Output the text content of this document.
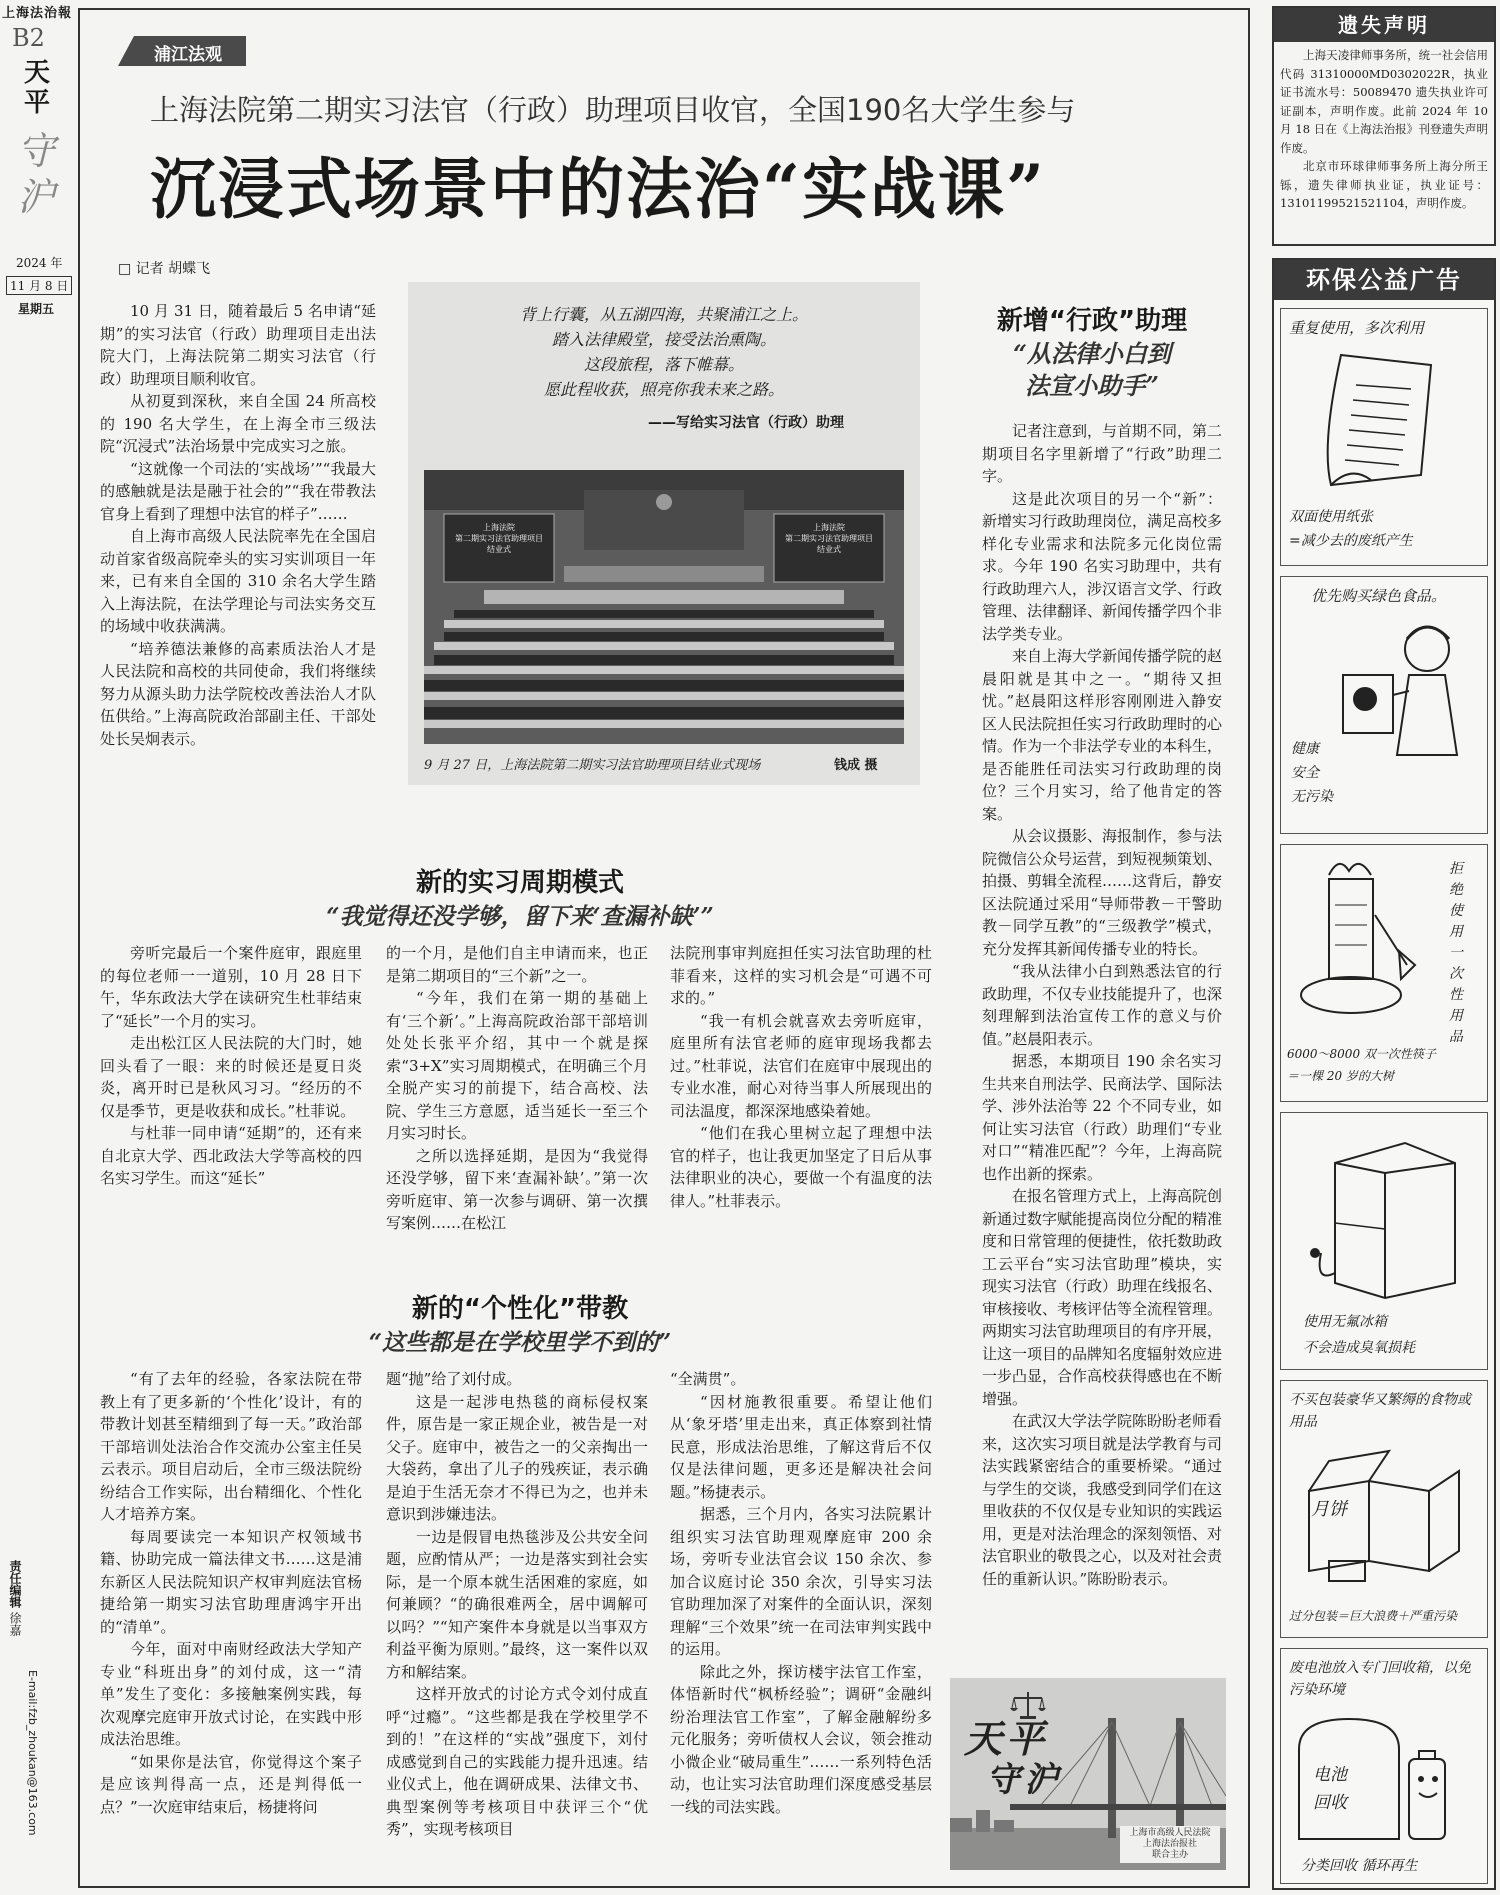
上海法治報
B2
天平
守沪
2024 年
11 月 8 日
星期五
责任编辑 徐嘉
E-mail:fzb_zhoukan@163.com
浦江法观
上海法院第二期实习法官（行政）助理项目收官，全国190名大学生参与
沉浸式场景中的法治“实战课”
□ 记者 胡蝶飞

10 月 31 日，随着最后 5 名申请“延期”的实习法官（行政）助理项目走出法院大门，上海法院第二期实习法官（行政）助理项目顺利收官。

从初夏到深秋，来自全国 24 所高校的 190 名大学生，在上海全市三级法院“沉浸式”法治场景中完成实习之旅。

“这就像一个司法的‘实战场’”“我最大的感触就是法是融于社会的”“我在带教法官身上看到了理想中法官的样子”……

自上海市高级人民法院率先在全国启动首家省级高院牵头的实习实训项目一年来，已有来自全国的 310 余名大学生踏入上海法院，在法学理论与司法实务交互的场域中收获满满。

“培养德法兼修的高素质法治人才是人民法院和高校的共同使命，我们将继续努力从源头助力法学院校改善法治人才队伍供给。”上海高院政治部副主任、干部处处长吴炯表示。

背上行囊，从五湖四海，共聚浦江之上。
踏入法律殿堂，接受法治熏陶。
这段旅程，落下帷幕。
愿此程收获，照亮你我未来之路。
——写给实习法官（行政）助理
上海法院
第二期实习法官助理项目
结业式
上海法院
第二期实习法官助理项目
结业式
9 月 27 日，上海法院第二期实习法官助理项目结业式现场	钱成 摄
新增“行政”助理
“从法律小白到
法宣小助手”

记者注意到，与首期不同，第二期项目名字里新增了“行政”助理二字。

这是此次项目的另一个“新”：新增实习行政助理岗位，满足高校多样化专业需求和法院多元化岗位需求。今年 190 名实习助理中，共有行政助理六人，涉汉语言文学、行政管理、法律翻译、新闻传播学四个非法学类专业。

来自上海大学新闻传播学院的赵晨阳就是其中之一。“期待又担忧。”赵晨阳这样形容刚刚进入静安区人民法院担任实习行政助理时的心情。作为一个非法学专业的本科生，是否能胜任司法实习行政助理的岗位？三个月实习，给了他肯定的答案。

从会议摄影、海报制作，参与法院微信公众号运营，到短视频策划、拍摄、剪辑全流程……这背后，静安区法院通过采用“导师带教－干警助教－同学互教”的“三级教学”模式，充分发挥其新闻传播专业的特长。

“我从法律小白到熟悉法官的行政助理，不仅专业技能提升了，也深刻理解到法治宣传工作的意义与价值。”赵晨阳表示。

据悉，本期项目 190 余名实习生共来自刑法学、民商法学、国际法学、涉外法治等 22 个不同专业，如何让实习法官（行政）助理们“专业对口”“精准匹配”？今年，上海高院也作出新的探索。

在报名管理方式上，上海高院创新通过数字赋能提高岗位分配的精准度和日常管理的便捷性，依托数助政工云平台“实习法官助理”模块，实现实习法官（行政）助理在线报名、审核接收、考核评估等全流程管理。两期实习法官助理项目的有序开展，让这一项目的品牌知名度辐射效应进一步凸显，合作高校获得感也在不断增强。

在武汉大学法学院陈盼盼老师看来，这次实习项目就是法学教育与司法实践紧密结合的重要桥梁。“通过与学生的交谈，我感受到同学们在这里收获的不仅仅是专业知识的实践运用，更是对法治理念的深刻领悟、对法官职业的敬畏之心，以及对社会责任的重新认识。”陈盼盼表示。

新的实习周期模式
“我觉得还没学够，留下来‘查漏补缺’”

旁听完最后一个案件庭审，跟庭里的每位老师一一道别，10 月 28 日下午，华东政法大学在读研究生杜菲结束了“延长”一个月的实习。

走出松江区人民法院的大门时，她回头看了一眼：来的时候还是夏日炎炎，离开时已是秋风习习。“经历的不仅是季节，更是收获和成长。”杜菲说。

与杜菲一同申请“延期”的，还有来自北京大学、西北政法大学等高校的四名实习学生。而这“延长”

的一个月，是他们自主申请而来，也正是第二期项目的“三个新”之一。

“今年，我们在第一期的基础上有‘三个新’。”上海高院政治部干部培训处处长张平介绍，其中一个就是探索“3+X”实习周期模式，在明确三个月全脱产实习的前提下，结合高校、法院、学生三方意愿，适当延长一至三个月实习时长。

之所以选择延期，是因为“我觉得还没学够，留下来‘查漏补缺’。”第一次旁听庭审、第一次参与调研、第一次撰写案例……在松江

法院刑事审判庭担任实习法官助理的杜菲看来，这样的实习机会是“可遇不可求的。”

“我一有机会就喜欢去旁听庭审，庭里所有法官老师的庭审现场我都去过。”杜菲说，法官们在庭审中展现出的专业水准，耐心对待当事人所展现出的司法温度，都深深地感染着她。

“他们在我心里树立起了理想中法官的样子，也让我更加坚定了日后从事法律职业的决心，要做一个有温度的法律人。”杜菲表示。

新的“个性化”带教
“这些都是在学校里学不到的”

“有了去年的经验，各家法院在带教上有了更多新的‘个性化’设计，有的带教计划甚至精细到了每一天。”政治部干部培训处法治合作交流办公室主任吴云表示。项目启动后，全市三级法院纷纷结合工作实际，出台精细化、个性化人才培养方案。

每周要读完一本知识产权领域书籍、协助完成一篇法律文书……这是浦东新区人民法院知识产权审判庭法官杨捷给第一期实习法官助理唐鸿宇开出的“清单”。

今年，面对中南财经政法大学知产专业“科班出身”的刘付成，这一“清单”发生了变化：多接触案例实践，每次观摩完庭审开放式讨论，在实践中形成法治思维。

“如果你是法官，你觉得这个案子是应该判得高一点，还是判得低一点？”一次庭审结束后，杨捷将问

题“抛”给了刘付成。

这是一起涉电热毯的商标侵权案件，原告是一家正规企业，被告是一对父子。庭审中，被告之一的父亲掏出一大袋药，拿出了儿子的残疾证，表示确是迫于生活无奈才不得已为之，也并未意识到涉嫌违法。

一边是假冒电热毯涉及公共安全问题，应酌情从严；一边是落实到社会实际，是一个原本就生活困难的家庭，如何兼顾？“的确很难两全，居中调解可以吗？”“知产案件本身就是以当事双方利益平衡为原则。”最终，这一案件以双方和解结案。

这样开放式的讨论方式令刘付成直呼“过瘾”。“这些都是我在学校里学不到的！”在这样的“实战”强度下，刘付成感觉到自己的实践能力提升迅速。结业仪式上，他在调研成果、法律文书、典型案例等考核项目中获评三个“优秀”，实现考核项目

“全满贯”。

“因材施教很重要。希望让他们从‘象牙塔’里走出来，真正体察到社情民意，形成法治思维，了解这背后不仅仅是法律问题，更多还是解决社会问题。”杨捷表示。

据悉，三个月内，各实习法院累计组织实习法官助理观摩庭审 200 余场，旁听专业法官会议 150 余次、参加合议庭讨论 350 余次，引导实习法官助理加深了对案件的全面认识，深刻理解“三个效果”统一在司法审判实践中的运用。

除此之外，探访楼宇法官工作室，体悟新时代“枫桥经验”；调研“金融纠纷治理法官工作室”，了解金融解纷多元化服务；旁听债权人会议，领会推动小微企业“破局重生”……一系列特色活动，也让实习法官助理们深度感受基层一线的司法实践。

天平
守沪
上海市高级人民法院
上海法治报社
联合主办
遗失声明

上海天凌律师事务所，统一社会信用代码 31310000MD0302022R，执业证书流水号：50089470 遗失执业许可证副本，声明作废。此前 2024 年 10 月 18 日在《上海法治报》刊登遗失声明作废。

北京市环球律师事务所上海分所王铄，遗失律师执业证，执业证号：13101199521521104，声明作废。

环保公益广告
重复使用，多次利用
双面使用纸张
=减少去的废纸产生
优先购买绿色食品。
健康
安全
无污染
拒绝使用一次性用品
6000～8000 双一次性筷子
＝一棵 20 岁的大树
使用无氟冰箱
不会造成臭氧损耗
不买包装豪华又繁缛的食物或用品
月饼
过分包装＝巨大浪费＋严重污染
废电池放入专门回收箱，以免污染环境
电池
回收
分类回收 循环再生
